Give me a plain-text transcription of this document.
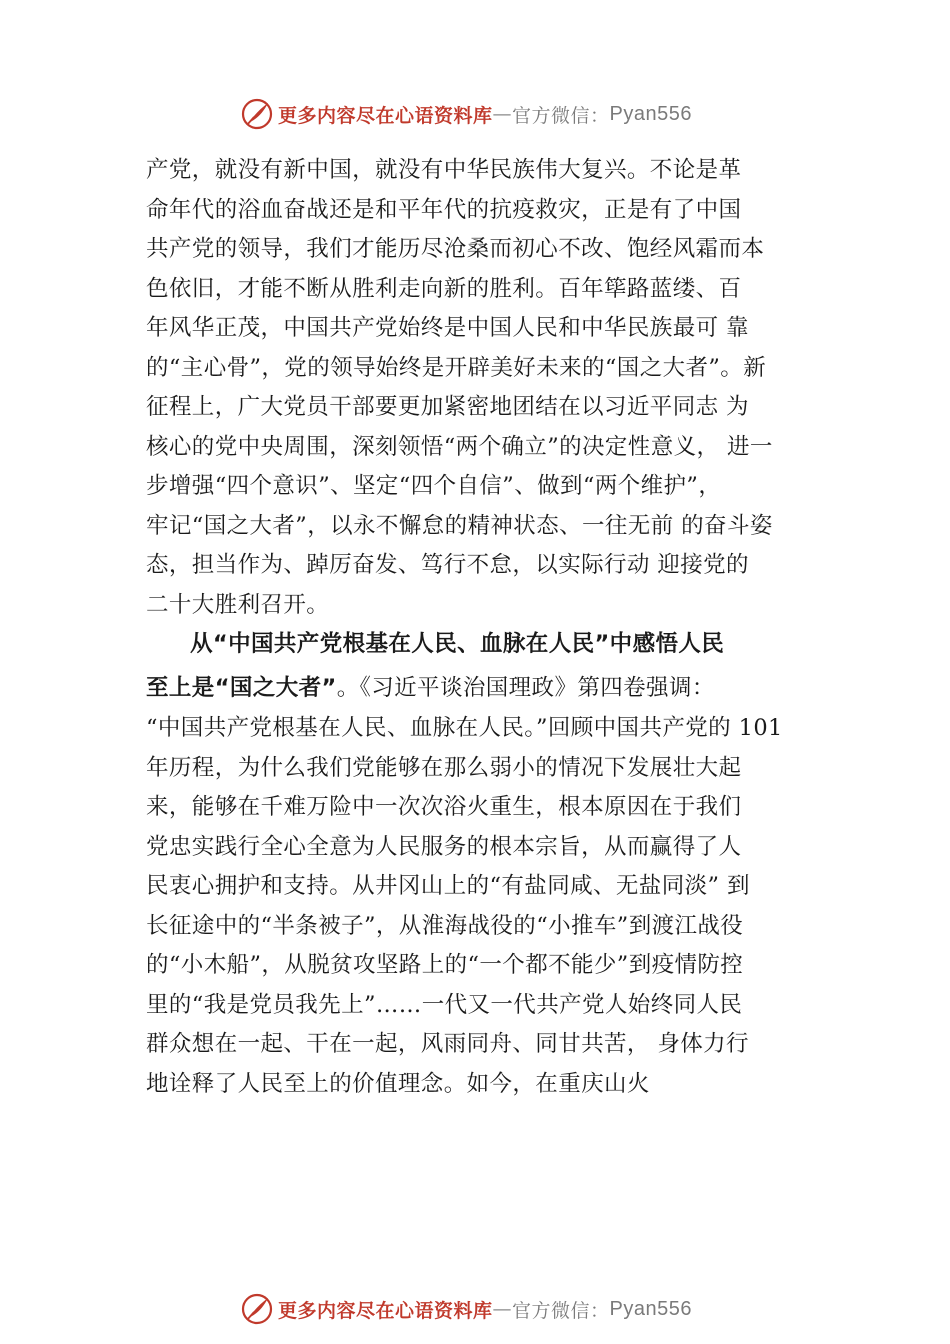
更多内容尽在心语资料库 — 官方微信： Pyan556
产党，就没有新中国，就没有中华民族伟大复兴。不论是革
命年代的浴血奋战还是和平年代的抗疫救灾，正是有了中国
共产党的领导，我们才能历尽沧桑而初心不改、饱经风霜而本
色依旧，才能不断从胜利走向新的胜利。百年筚路蓝缕、百
年风华正茂，中国共产党始终是中国人民和中华民族最可 靠
的“主心骨”，党的领导始终是开辟美好未来的“国之大者”。新
征程上，广大党员干部要更加紧密地团结在以习近平同志 为
核心的党中央周围，深刻领悟“两个确立”的决定性意义， 进一
步增强“四个意识”、坚定“四个自信”、做到“两个维护”，
牢记“国之大者”，以永不懈怠的精神状态、一往无前 的奋斗姿
态，担当作为、踔厉奋发、笃行不怠，以实际行动 迎接党的
二十大胜利召开。
从“中国共产党根基在人民、血脉在人民”中感悟人民
至上是“国之大者”。《习近平谈治国理政》第四卷强调：
“中国共产党根基在人民、血脉在人民。”回顾中国共产党的 101
年历程，为什么我们党能够在那么弱小的情况下发展壮大起
来，能够在千难万险中一次次浴火重生，根本原因在于我们
党忠实践行全心全意为人民服务的根本宗旨，从而赢得了人
民衷心拥护和支持。从井冈山上的“有盐同咸、无盐同淡” 到
长征途中的“半条被子”，从淮海战役的“小推车”到渡江战役
的“小木船”，从脱贫攻坚路上的“一个都不能少”到疫情防控
里的“我是党员我先上”……一代又一代共产党人始终同人民
群众想在一起、干在一起，风雨同舟、同甘共苦， 身体力行
地诠释了人民至上的价值理念。如今，在重庆山火
更多内容尽在心语资料库 — 官方微信： Pyan556
